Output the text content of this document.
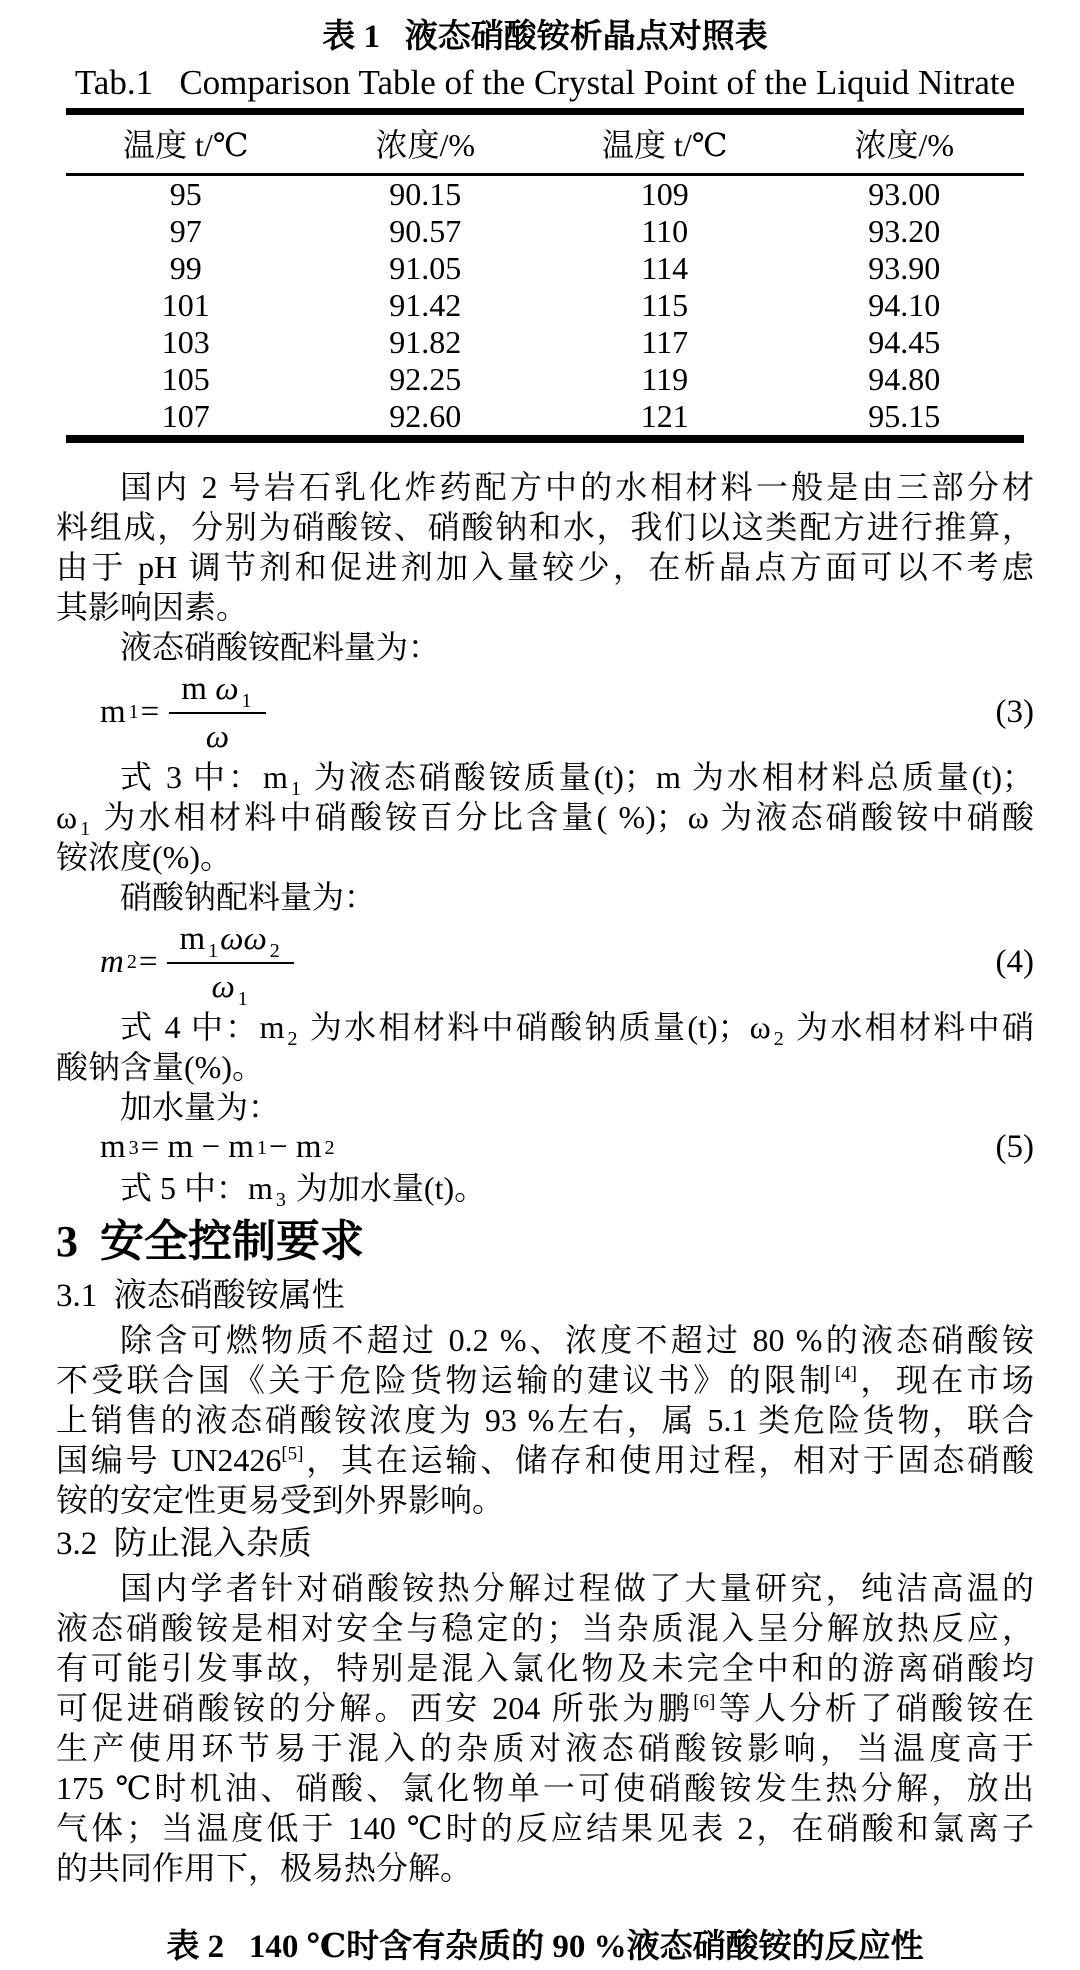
表 1   液态硝酸铵析晶点对照表
Tab.1   Comparison Table of the Crystal Point of the Liquid Nitrate
温度 t/℃	浓度/%	温度 t/℃	浓度/%
95	90.15	109	93.00
97	90.57	110	93.20
99	91.05	114	93.90
101	91.42	115	94.10
103	91.82	117	94.45
105	92.25	119	94.80
107	92.60	121	95.15
国内 2 号岩石乳化炸药配方中的水相材料一般是由三部分材
料组成，分别为硝酸铵、硝酸钠和水，我们以这类配方进行推算，
由于 pH 调节剂和促进剂加入量较少，在析晶点方面可以不考虑
其影响因素。
液态硝酸铵配料量为：
m $1 = \frac{m \omega _1}{\omega}$	(3)
式 3 中：m $_1$ 为液态硝酸铵质量(t)；m 为水相材料总质量(t)；
ω $_1$ 为水相材料中硝酸铵百分比含量( %)；ω 为液态硝酸铵中硝酸
铵浓度(%)。
硝酸钠配料量为：
m $2 = \frac{m _1\omega\omega _2}{\omega _1}$	(4)
式 4 中：m $_2$ 为水相材料中硝酸钠质量(t)；ω $_2$ 为水相材料中硝
酸钠含量(%)。
加水量为：
m 3 = m − m 1 − m 2	(5)
式 5 中：m $_3$ 为加水量(t)。
3  安全控制要求
3.1  液态硝酸铵属性
除含可燃物质不超过 0.2 %、浓度不超过 80 %的液态硝酸铵
不受联合国《关于危险货物运输的建议书》的限制[4]，现在市场
上销售的液态硝酸铵浓度为 93 %左右，属 5.1 类危险货物，联合
国编号 UN2426[5]，其在运输、储存和使用过程，相对于固态硝酸
铵的安定性更易受到外界影响。
3.2  防止混入杂质
国内学者针对硝酸铵热分解过程做了大量研究，纯洁高温的
液态硝酸铵是相对安全与稳定的；当杂质混入呈分解放热反应，
有可能引发事故，特别是混入氯化物及未完全中和的游离硝酸均
可促进硝酸铵的分解。西安 204 所张为鹏[6]等人分析了硝酸铵在
生产使用环节易于混入的杂质对液态硝酸铵影响，当温度高于
175 ℃时机油、硝酸、氯化物单一可使硝酸铵发生热分解，放出
气体；当温度低于 140 ℃时的反应结果见表 2，在硝酸和氯离子
的共同作用下，极易热分解。
表 2   140 ℃时含有杂质的 90 %液态硝酸铵的反应性
